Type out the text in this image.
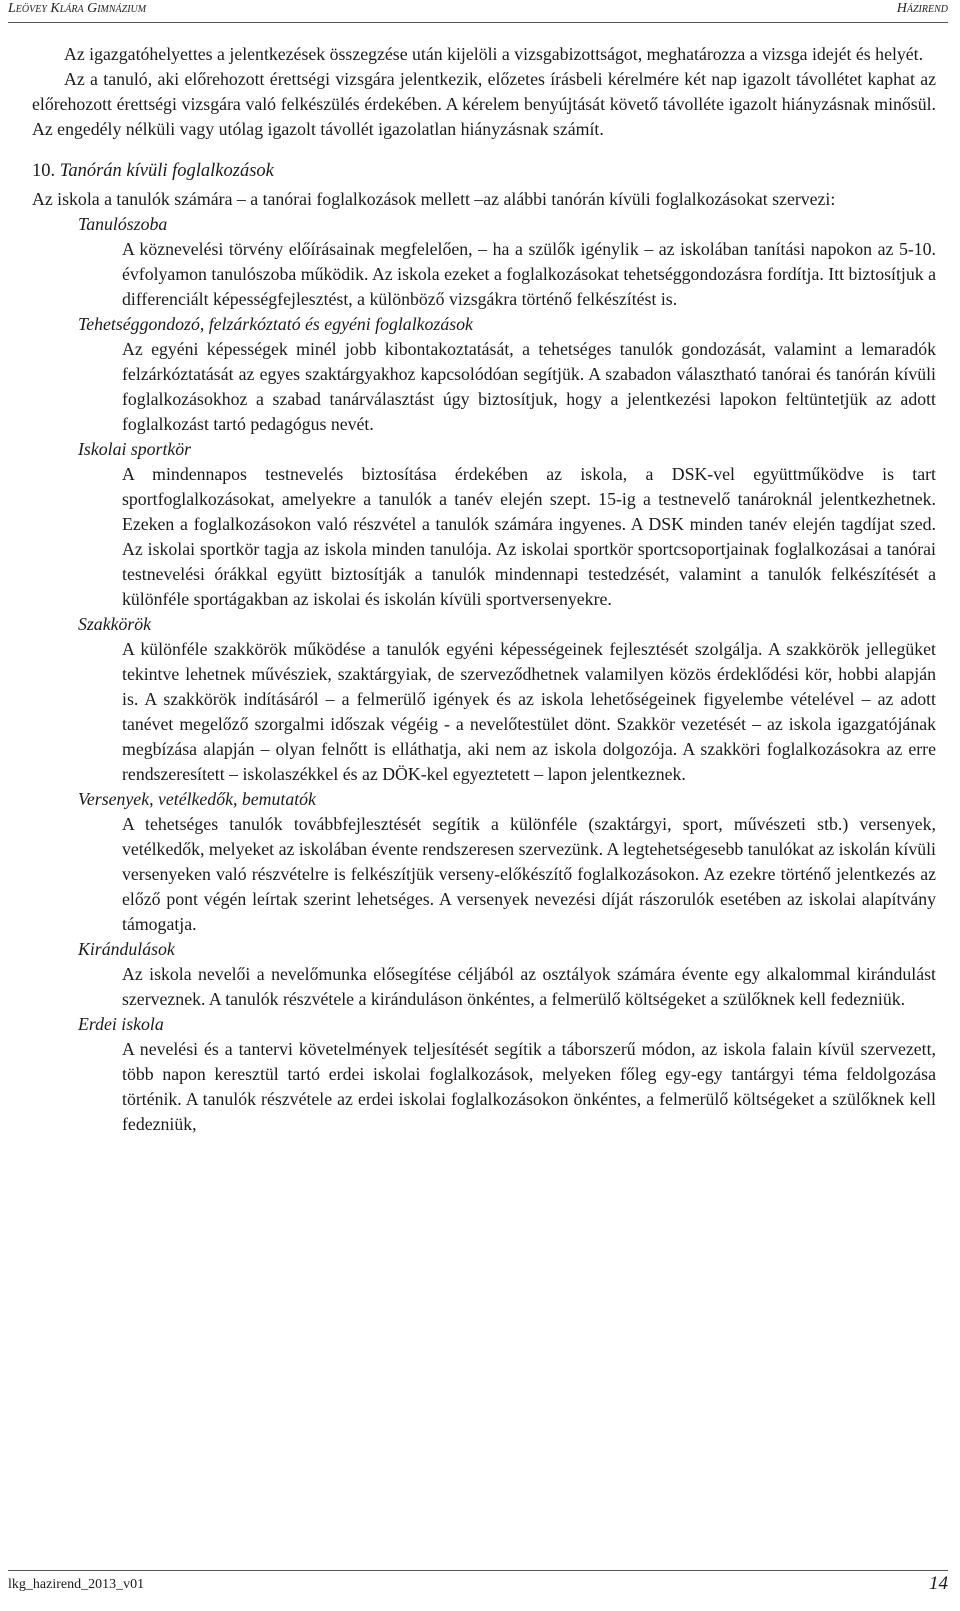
Leövey Klára Gimnázium	Házirend

Az igazgatóhelyettes a jelentkezések összegzése után kijelöli a vizsgabizottságot, meghatározza a vizsga idejét és helyét.

Az a tanuló, aki előrehozott érettségi vizsgára jelentkezik, előzetes írásbeli kérelmére két nap igazolt távollétet kaphat az előrehozott érettségi vizsgára való felkészülés érdekében. A kérelem benyújtását követő távolléte igazolt hiányzásnak minősül. Az engedély nélküli vagy utólag igazolt távollét igazolatlan hiányzásnak számít.

10. Tanórán kívüli foglalkozások

Az iskola a tanulók számára – a tanórai foglalkozások mellett –az alábbi tanórán kívüli foglalkozásokat szervezi:

Tanulószoba

A köznevelési törvény előírásainak megfelelően, – ha a szülők igénylik – az iskolában tanítási napokon az 5-10. évfolyamon tanulószoba működik. Az iskola ezeket a foglalkozásokat tehetséggondozásra fordítja. Itt biztosítjuk a differenciált képességfejlesztést, a különböző vizsgákra történő felkészítést is.

Tehetséggondozó, felzárkóztató és egyéni foglalkozások

Az egyéni képességek minél jobb kibontakoztatását, a tehetséges tanulók gondozását, valamint a lemaradók felzárkóztatását az egyes szaktárgyakhoz kapcsolódóan segítjük. A szabadon választható tanórai és tanórán kívüli foglalkozásokhoz a szabad tanárválasztást úgy biztosítjuk, hogy a jelentkezési lapokon feltüntetjük az adott foglalkozást tartó pedagógus nevét.

Iskolai sportkör

A mindennapos testnevelés biztosítása érdekében az iskola, a DSK-vel együttműködve is tart sportfoglalkozásokat, amelyekre a tanulók a tanév elején szept. 15-ig a testnevelő tanároknál jelentkezhetnek. Ezeken a foglalkozásokon való részvétel a tanulók számára ingyenes. A DSK minden tanév elején tagdíjat szed. Az iskolai sportkör tagja az iskola minden tanulója. Az iskolai sportkör sportcsoportjainak foglalkozásai a tanórai testnevelési órákkal együtt biztosítják a tanulók mindennapi testedzését, valamint a tanulók felkészítését a különféle sportágakban az iskolai és iskolán kívüli sportversenyekre.

Szakkörök

A különféle szakkörök működése a tanulók egyéni képességeinek fejlesztését szolgálja. A szakkörök jellegüket tekintve lehetnek művésziek, szaktárgyiak, de szerveződhetnek valamilyen közös érdeklődési kör, hobbi alapján is. A szakkörök indításáról – a felmerülő igények és az iskola lehetőségeinek figyelembe vételével – az adott tanévet megelőző szorgalmi időszak végéig - a nevelőtestület dönt. Szakkör vezetését – az iskola igazgatójának megbízása alapján – olyan felnőtt is elláthatja, aki nem az iskola dolgozója. A szakköri foglalkozásokra az erre rendszeresített – iskolaszékkel és az DÖK-kel egyeztetett – lapon jelentkeznek.

Versenyek, vetélkedők, bemutatók

A tehetséges tanulók továbbfejlesztését segítik a különféle (szaktárgyi, sport, művészeti stb.) versenyek, vetélkedők, melyeket az iskolában évente rendszeresen szervezünk. A legtehetségesebb tanulókat az iskolán kívüli versenyeken való részvételre is felkészítjük verseny-előkészítő foglalkozásokon. Az ezekre történő jelentkezés az előző pont végén leírtak szerint lehetséges. A versenyek nevezési díját rászorulók esetében az iskolai alapítvány támogatja.

Kirándulások

Az iskola nevelői a nevelőmunka elősegítése céljából az osztályok számára évente egy alkalommal kirándulást szerveznek. A tanulók részvétele a kiránduláson önkéntes, a felmerülő költségeket a szülőknek kell fedezniük.

Erdei iskola

A nevelési és a tantervi követelmények teljesítését segítik a táborszerű módon, az iskola falain kívül szervezett, több napon keresztül tartó erdei iskolai foglalkozások, melyeken főleg egy-egy tantárgyi téma feldolgozása történik. A tanulók részvétele az erdei iskolai foglalkozásokon önkéntes, a felmerülő költségeket a szülőknek kell fedezniük,

lkg_hazirend_2013_v01	14
